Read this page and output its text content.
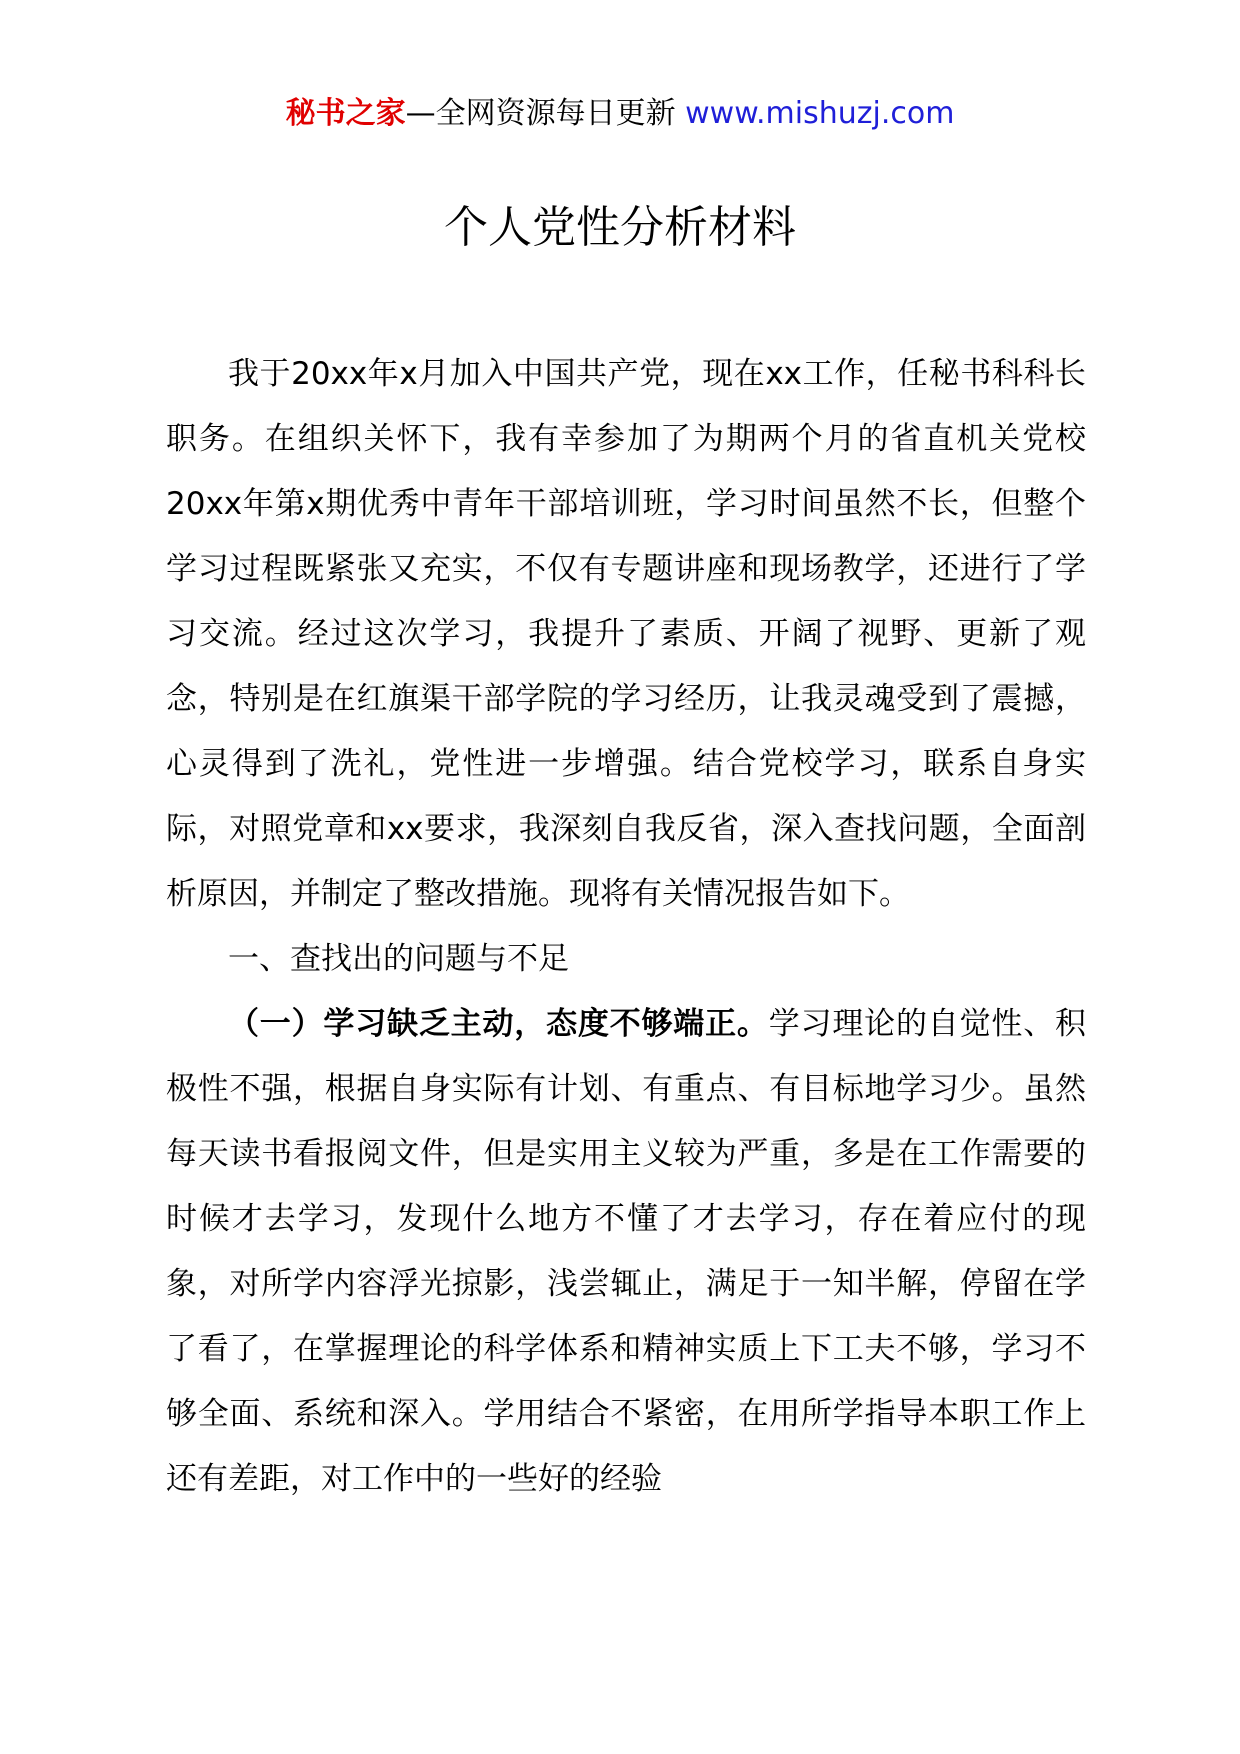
秘书之家—全网资源每日更新 www.mishuzj.com
个人党性分析材料

我于20xx年x月加入中国共产党，现在xx工作，任秘书科科长职务。在组织关怀下，我有幸参加了为期两个月的省直机关党校20xx年第x期优秀中青年干部培训班，学习时间虽然不长，但整个学习过程既紧张又充实，不仅有专题讲座和现场教学，还进行了学习交流。经过这次学习，我提升了素质、开阔了视野、更新了观念，特别是在红旗渠干部学院的学习经历，让我灵魂受到了震撼，心灵得到了洗礼，党性进一步增强。结合党校学习，联系自身实际，对照党章和xx要求，我深刻自我反省，深入查找问题，全面剖析原因，并制定了整改措施。现将有关情况报告如下。

一、查找出的问题与不足

（一）学习缺乏主动，态度不够端正。学习理论的自觉性、积极性不强，根据自身实际有计划、有重点、有目标地学习少。虽然每天读书看报阅文件，但是实用主义较为严重，多是在工作需要的时候才去学习，发现什么地方不懂了才去学习，存在着应付的现象，对所学内容浮光掠影，浅尝辄止，满足于一知半解，停留在学了看了，在掌握理论的科学体系和精神实质上下工夫不够，学习不够全面、系统和深入。学用结合不紧密，在用所学指导本职工作上还有差距，对工作中的一些好的经验
